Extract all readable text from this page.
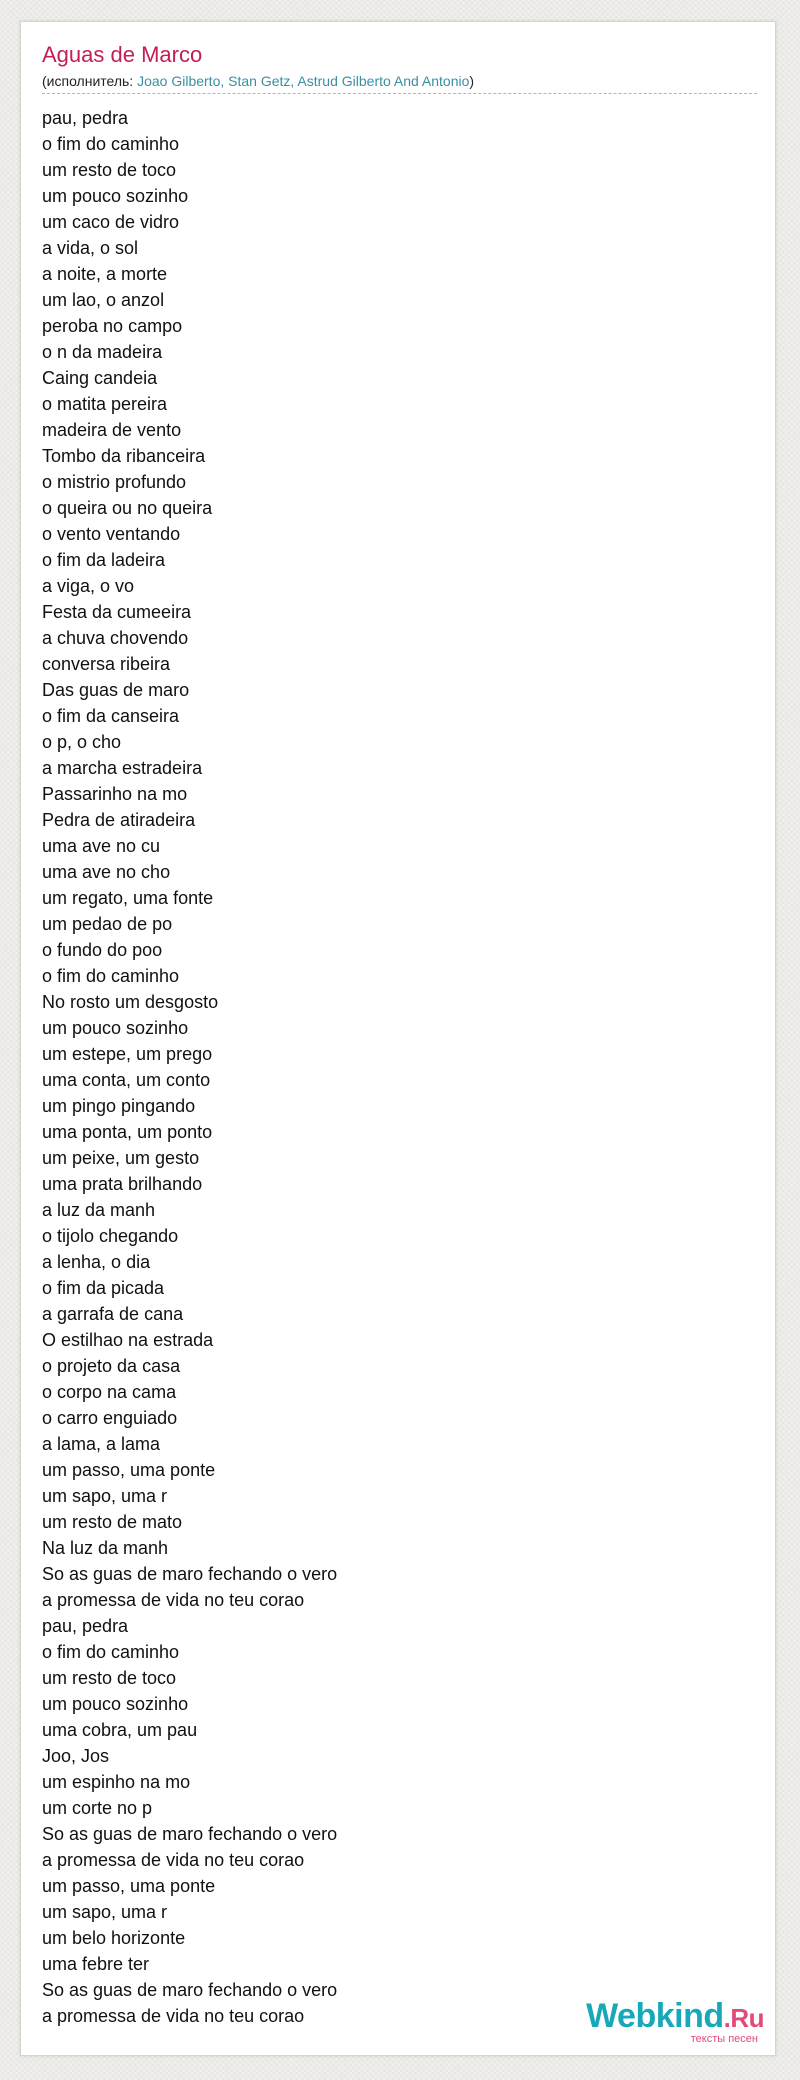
Aguas de Marco
(исполнитель: Joao Gilberto, Stan Getz, Astrud Gilberto And Antonio)
pau, pedra
o fim do caminho
um resto de toco
um pouco sozinho
um caco de vidro
a vida, o sol
a noite, a morte
um lao, o anzol
peroba no campo
o n da madeira
Caing candeia
o matita pereira
madeira de vento
Tombo da ribanceira
o mistrio profundo
o queira ou no queira
o vento ventando
o fim da ladeira
a viga, o vo
Festa da cumeeira
a chuva chovendo
conversa ribeira
Das guas de maro
o fim da canseira
o p, o cho
a marcha estradeira
Passarinho na mo
Pedra de atiradeira
uma ave no cu
uma ave no cho
um regato, uma fonte
um pedao de po
o fundo do poo
o fim do caminho
No rosto um desgosto
um pouco sozinho
um estepe, um prego
uma conta, um conto
um pingo pingando
uma ponta, um ponto
um peixe, um gesto
uma prata brilhando
a luz da manh
o tijolo chegando
a lenha, o dia
o fim da picada
a garrafa de cana
O estilhao na estrada
o projeto da casa
o corpo na cama
o carro enguiado
a lama, a lama
um passo, uma ponte
um sapo, uma r
um resto de mato
Na luz da manh
So as guas de maro fechando o vero
a promessa de vida no teu corao
pau, pedra
o fim do caminho
um resto de toco
um pouco sozinho
uma cobra, um pau
Joo, Jos
um espinho na mo
um corte no p
So as guas de maro fechando o vero
a promessa de vida no teu corao
um passo, uma ponte
um sapo, uma r
um belo horizonte
uma febre ter
So as guas de maro fechando o vero
a promessa de vida no teu corao	Webkind.Ru
тексты песен
